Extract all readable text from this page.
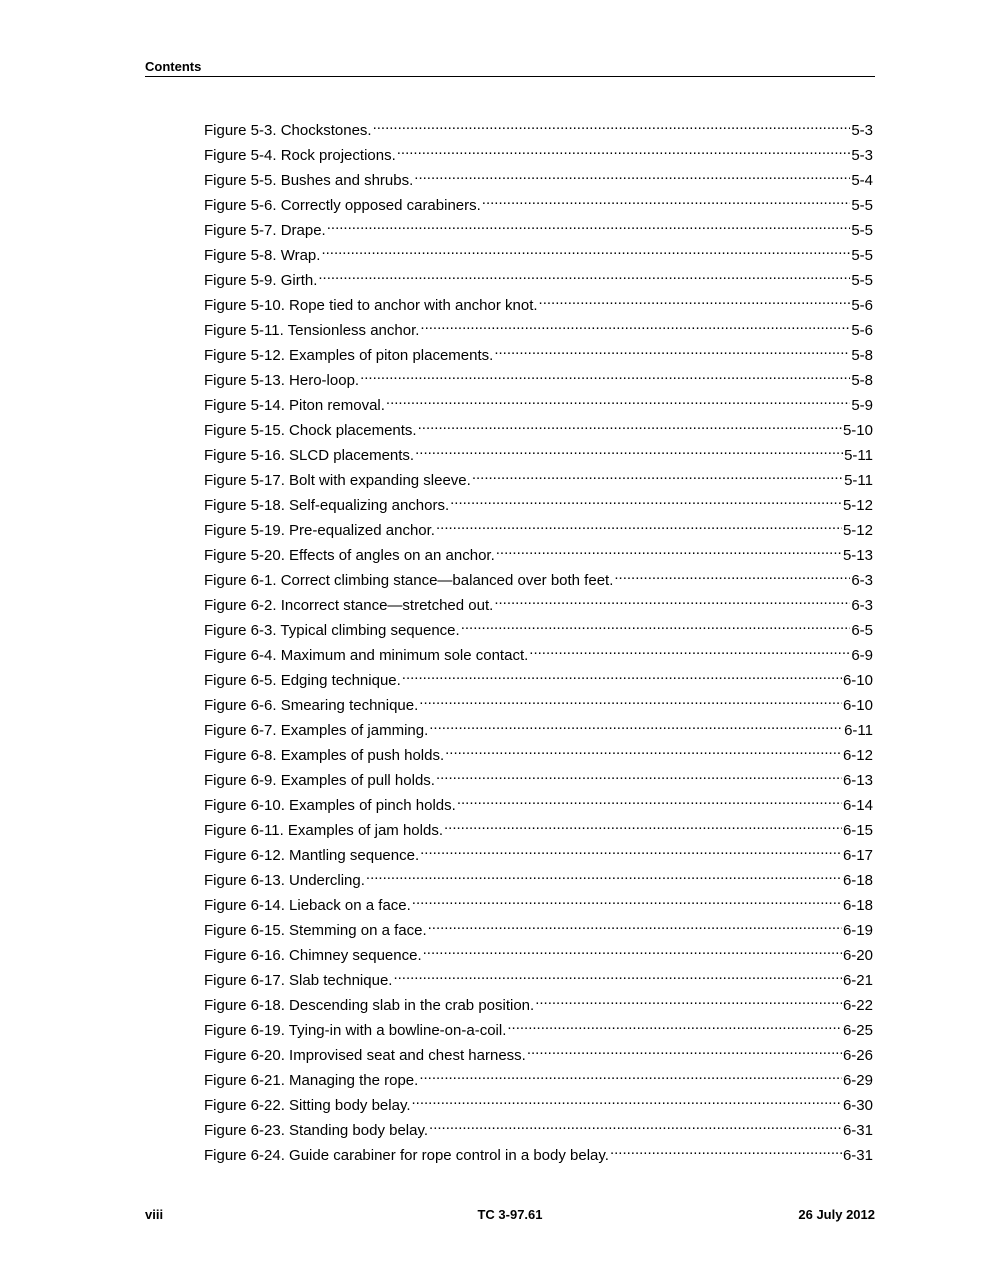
Contents
Figure 5-3. Chockstones. .....	5-3
Figure 5-4. Rock projections. .....	5-3
Figure 5-5. Bushes and shrubs. .....	5-4
Figure 5-6. Correctly opposed carabiners. .....	5-5
Figure 5-7. Drape. .....	5-5
Figure 5-8. Wrap. .....	5-5
Figure 5-9. Girth. .....	5-5
Figure 5-10. Rope tied to anchor with anchor knot. .....	5-6
Figure 5-11. Tensionless anchor. .....	5-6
Figure 5-12. Examples of piton placements. .....	5-8
Figure 5-13. Hero-loop. .....	5-8
Figure 5-14. Piton removal. .....	5-9
Figure 5-15. Chock placements. .....	5-10
Figure 5-16. SLCD placements. .....	5-11
Figure 5-17. Bolt with expanding sleeve. .....	5-11
Figure 5-18. Self-equalizing anchors. .....	5-12
Figure 5-19. Pre-equalized anchor. .....	5-12
Figure 5-20. Effects of angles on an anchor. .....	5-13
Figure 6-1. Correct climbing stance—balanced over both feet. .....	6-3
Figure 6-2. Incorrect stance—stretched out. .....	6-3
Figure 6-3. Typical climbing sequence. .....	6-5
Figure 6-4. Maximum and minimum sole contact. .....	6-9
Figure 6-5. Edging technique. .....	6-10
Figure 6-6. Smearing technique. .....	6-10
Figure 6-7. Examples of jamming. .....	6-11
Figure 6-8. Examples of push holds. .....	6-12
Figure 6-9. Examples of pull holds. .....	6-13
Figure 6-10. Examples of pinch holds. .....	6-14
Figure 6-11. Examples of jam holds. .....	6-15
Figure 6-12. Mantling sequence. .....	6-17
Figure 6-13. Undercling. .....	6-18
Figure 6-14. Lieback on a face. .....	6-18
Figure 6-15. Stemming on a face. .....	6-19
Figure 6-16. Chimney sequence. .....	6-20
Figure 6-17. Slab technique. .....	6-21
Figure 6-18. Descending slab in the crab position. .....	6-22
Figure 6-19. Tying-in with a bowline-on-a-coil. .....	6-25
Figure 6-20. Improvised seat and chest harness. .....	6-26
Figure 6-21. Managing the rope. .....	6-29
Figure 6-22. Sitting body belay. .....	6-30
Figure 6-23. Standing body belay. .....	6-31
Figure 6-24. Guide carabiner for rope control in a body belay. .....	6-31
viii	TC 3-97.61	26 July 2012
